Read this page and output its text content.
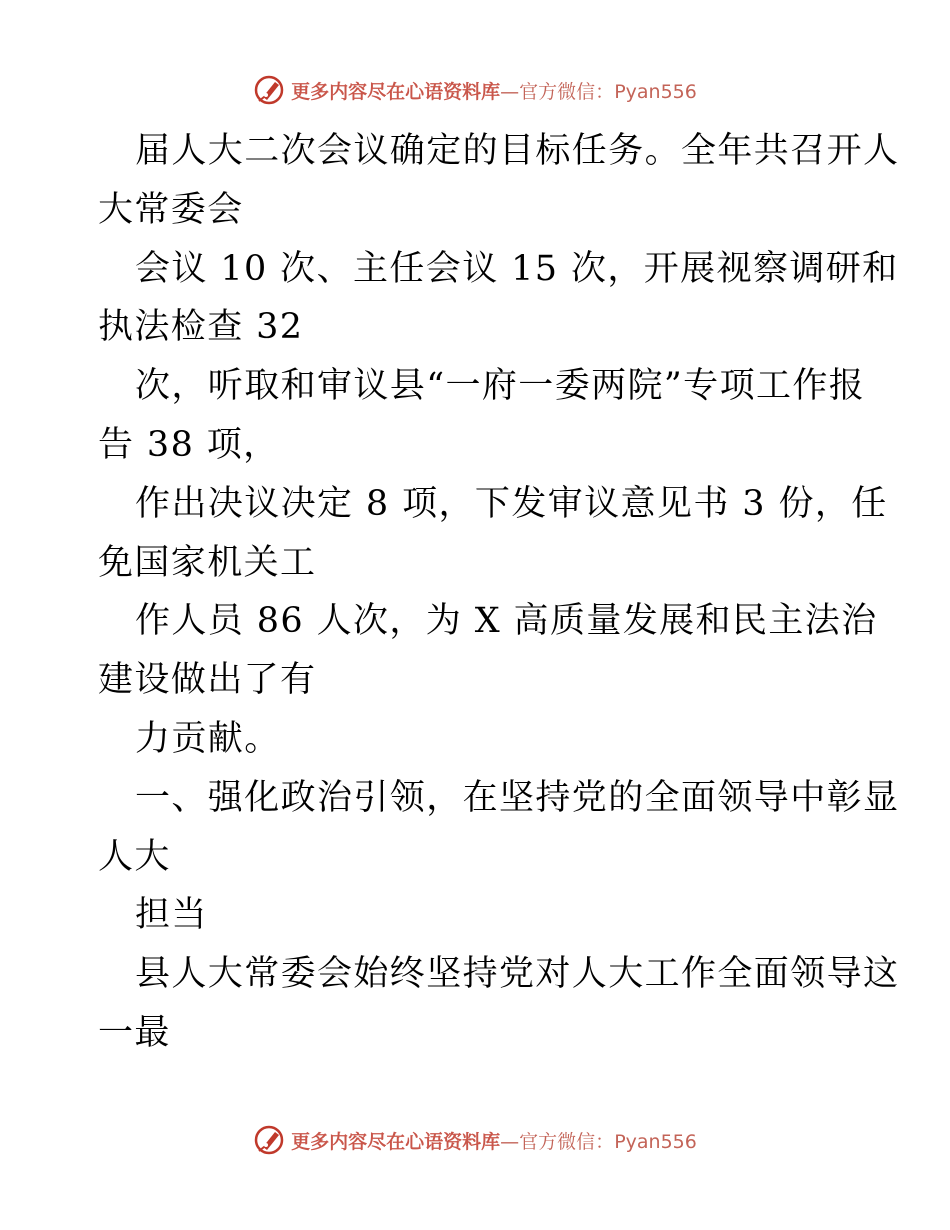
更多内容尽在心语资料库—官方微信：Pyan556
届人大二次会议确定的目标任务。全年共召开人
大常委会
会议 10 次、主任会议 15 次，开展视察调研和
执法检查 32
次，听取和审议县“一府一委两院”专项工作报
告 38 项，
作出决议决定 8 项，下发审议意见书 3 份，任
免国家机关工
作人员 86 人次，为 X 高质量发展和民主法治
建设做出了有
力贡献。
一、强化政治引领，在坚持党的全面领导中彰显
人大
担当
县人大常委会始终坚持党对人大工作全面领导这
一最
更多内容尽在心语资料库—官方微信：Pyan556
